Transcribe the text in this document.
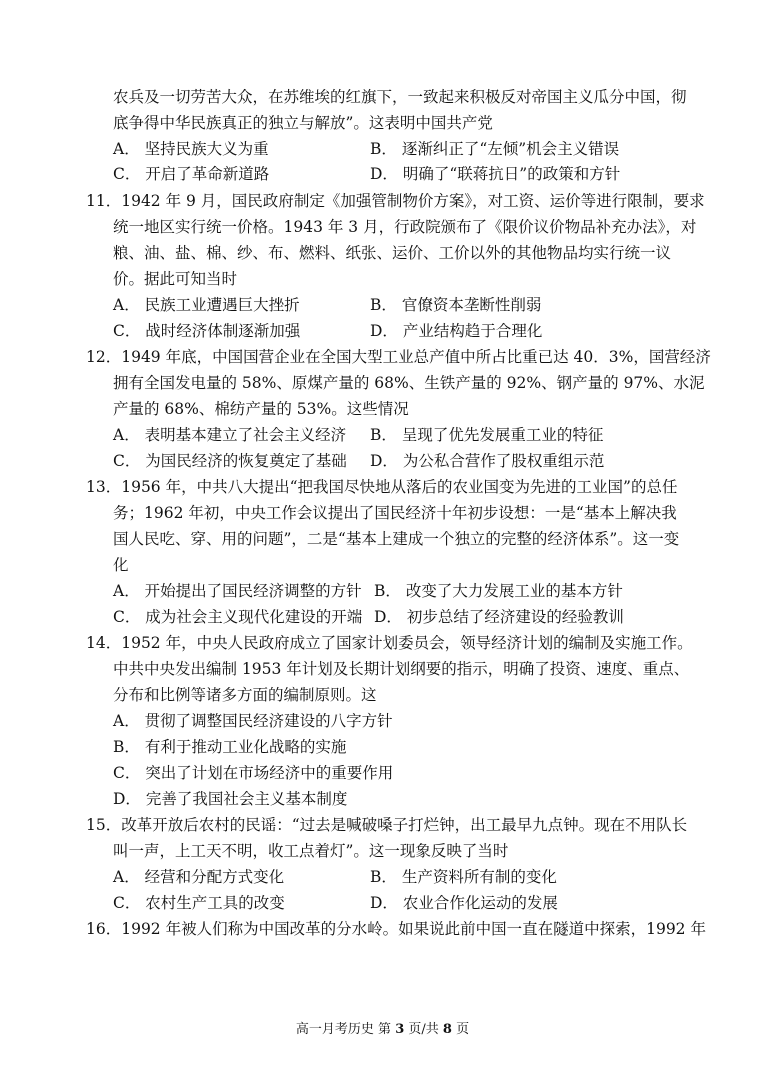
农兵及一切劳苦大众，在苏维埃的红旗下，一致起来积极反对帝国主义瓜分中国，彻
底争得中华民族真正的独立与解放”。这表明中国共产党
A． 坚持民族大义为重	B． 逐渐纠正了“左倾”机会主义错误
C． 开启了革命新道路	D． 明确了“联蒋抗日”的政策和方针
11．1942 年 9 月，国民政府制定《加强管制物价方案》，对工资、运价等进行限制，要求
统一地区实行统一价格。1943 年 3 月，行政院颁布了《限价议价物品补充办法》，对
粮、油、盐、棉、纱、布、燃料、纸张、运价、工价以外的其他物品均实行统一议
价。据此可知当时
A． 民族工业遭遇巨大挫折	B． 官僚资本垄断性削弱
C． 战时经济体制逐渐加强	D． 产业结构趋于合理化
12．1949 年底，中国国营企业在全国大型工业总产值中所占比重已达 40．3%，国营经济
拥有全国发电量的 58%、原煤产量的 68%、生铁产量的 92%、钢产量的 97%、水泥
产量的 68%、棉纺产量的 53%。这些情况
A． 表明基本建立了社会主义经济 B． 呈现了优先发展重工业的特征
C． 为国民经济的恢复奠定了基础 D． 为公私合营作了股权重组示范
13．1956 年，中共八大提出“把我国尽快地从落后的农业国变为先进的工业国”的总任
务；1962 年初，中央工作会议提出了国民经济十年初步设想：一是“基本上解决我
国人民吃、穿、用的问题”，二是“基本上建成一个独立的完整的经济体系”。这一变
化
A． 开始提出了国民经济调整的方针 B． 改变了大力发展工业的基本方针
C． 成为社会主义现代化建设的开端 D． 初步总结了经济建设的经验教训
14．1952 年，中央人民政府成立了国家计划委员会，领导经济计划的编制及实施工作。
中共中央发出编制 1953 年计划及长期计划纲要的指示，明确了投资、速度、重点、
分布和比例等诸多方面的编制原则。这
A． 贯彻了调整国民经济建设的八字方针
B． 有利于推动工业化战略的实施
C． 突出了计划在市场经济中的重要作用
D． 完善了我国社会主义基本制度
15．改革开放后农村的民谣：“过去是喊破嗓子打烂钟，出工最早九点钟。现在不用队长
叫一声，上工天不明，收工点着灯”。这一现象反映了当时
A． 经营和分配方式变化	B． 生产资料所有制的变化
C． 农村生产工具的改变	D． 农业合作化运动的发展
16．1992 年被人们称为中国改革的分水岭。如果说此前中国一直在隧道中探索，1992 年
高一月考历史 第 3 页/共 8 页
